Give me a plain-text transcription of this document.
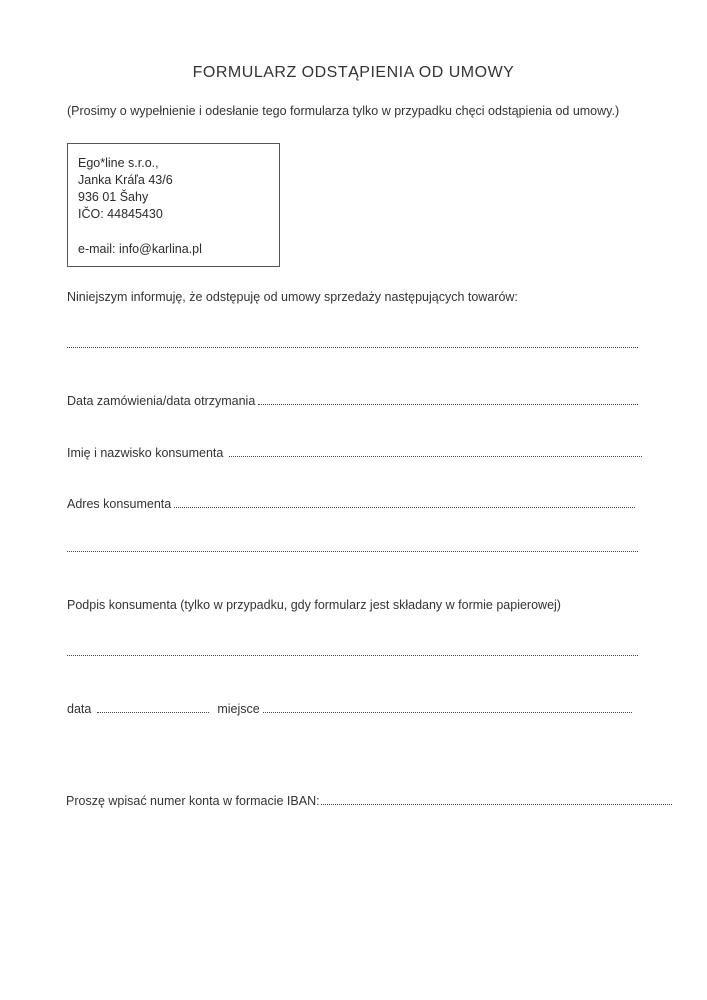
FORMULARZ ODSTĄPIENIA OD UMOWY
(Prosimy o wypełnienie i odesłanie tego formularza tylko w przypadku chęci odstąpienia od umowy.)
Ego*line s.r.o.,
Janka Kráľa 43/6
936 01 Šahy
IČO: 44845430
e-mail: info@karlina.pl
Niniejszym informuję, że odstępuję od umowy sprzedaży następujących towarów:
Data zamówienia/data otrzymania
Imię i nazwisko konsumenta
Adres konsumenta
Podpis konsumenta (tylko w przypadku, gdy formularz jest składany w formie papierowej)
data	miejsce
Proszę wpisać numer konta w formacie IBAN:
